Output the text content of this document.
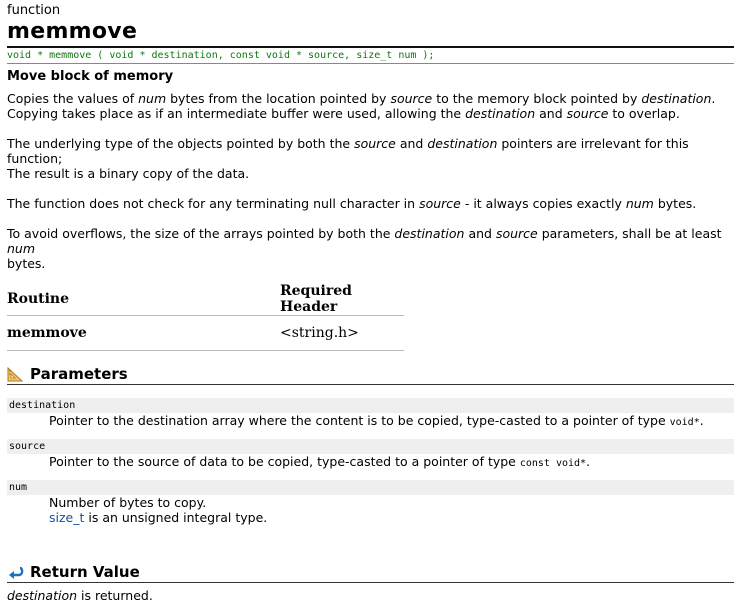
function
memmove
void * memmove ( void * destination, const void * source, size_t num );
Move block of memory

Copies the values of num bytes from the location pointed by source to the memory block pointed by destination.
Copying takes place as if an intermediate buffer were used, allowing the destination and source to overlap.

The underlying type of the objects pointed by both the source and destination pointers are irrelevant for this function;
The result is a binary copy of the data.

The function does not check for any terminating null character in source - it always copies exactly num bytes.

To avoid overflows, the size of the arrays pointed by both the destination and source parameters, shall be at least num
bytes.

Routine	Required Header
memmove	<string.h>
Parameters
destination
Pointer to the destination array where the content is to be copied, type-casted to a pointer of type void*.
source
Pointer to the source of data to be copied, type-casted to a pointer of type const void*.
num
Number of bytes to copy.
size_t is an unsigned integral type.
Return Value

destination is returned.
